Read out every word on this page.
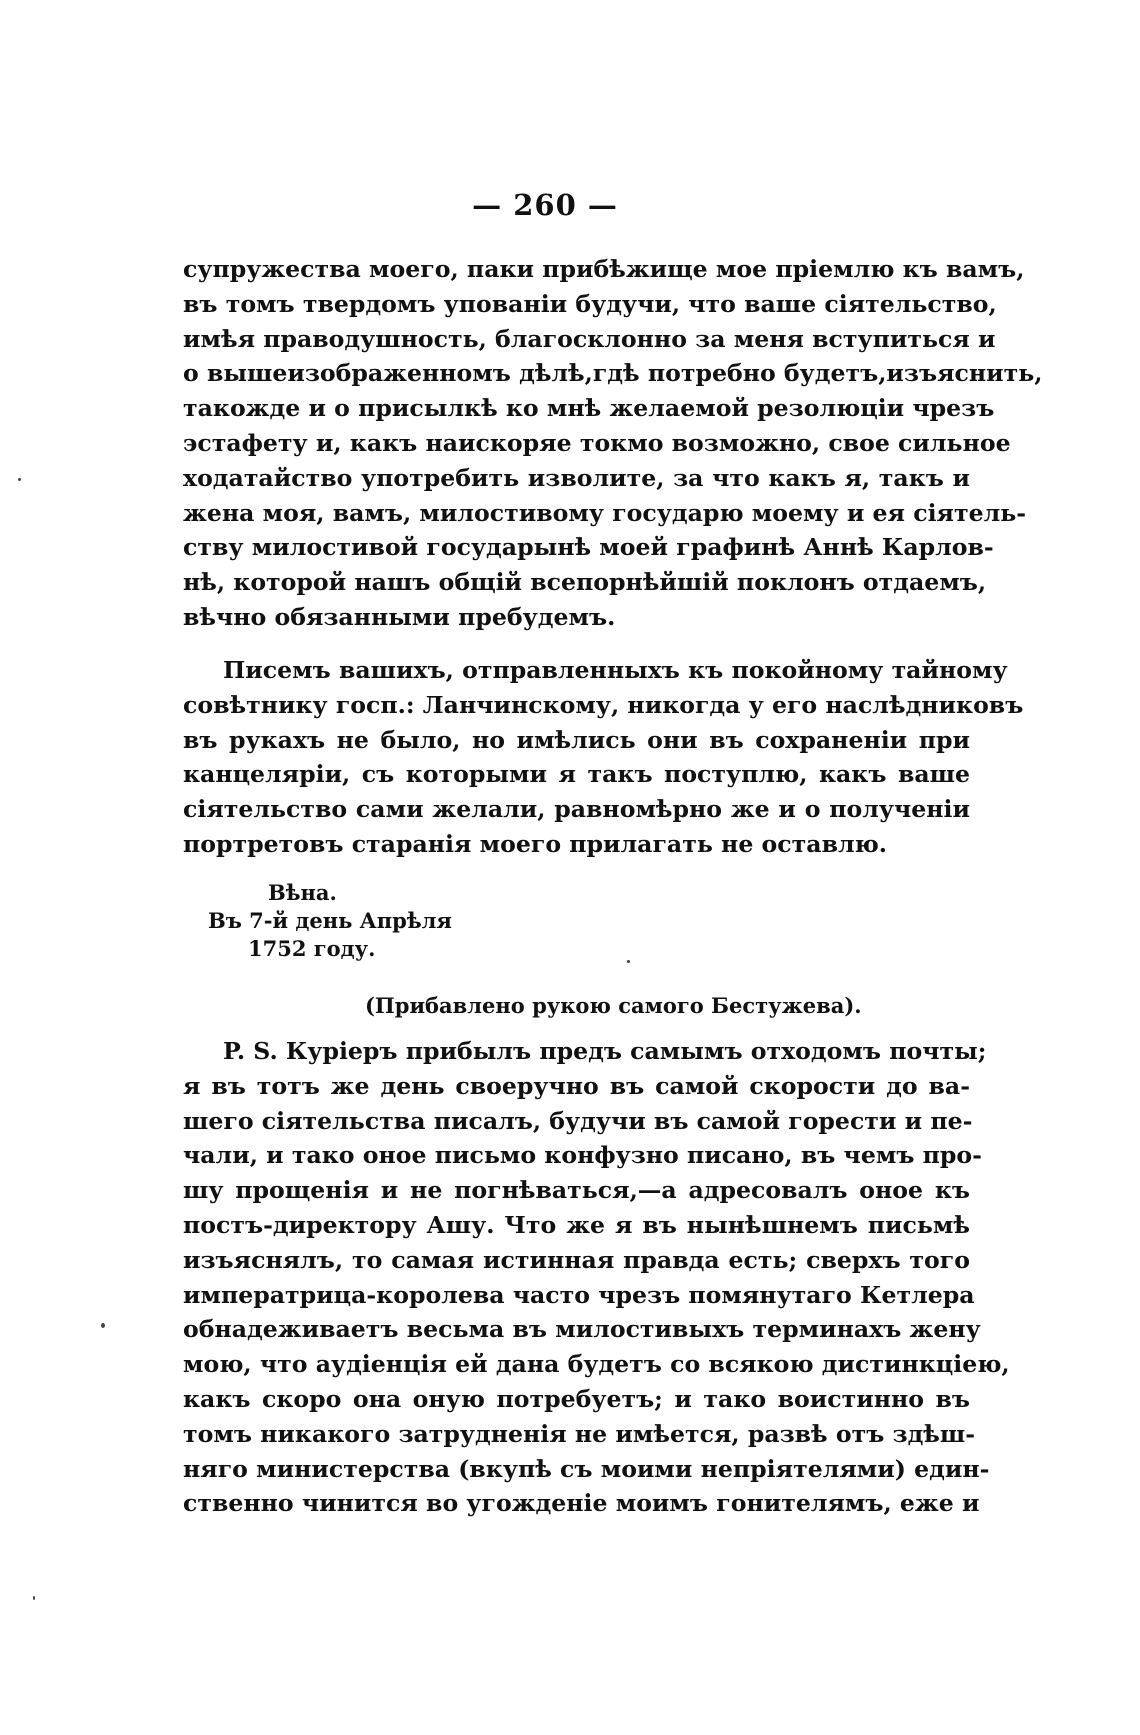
— 260 —
супружества моего, паки прибѣжище мое пріемлю къ вамъ,
въ томъ твердомъ упованіи будучи, что ваше сіятельство,
имѣя праводушность, благосклонно за меня вступиться и
о вышеизображенномъ дѣлѣ,гдѣ потребно будетъ,изъяснить,
такожде и о присылкѣ ко мнѣ желаемой резолюціи чрезъ
эстафету и, какъ наискоряе токмо возможно, свое сильное
ходатайство употребить изволите, за что какъ я, такъ и
жена моя, вамъ, милостивому государю моему и ея сіятель-
ству милостивой государынѣ моей графинѣ Аннѣ Карлов-
нѣ, которой нашъ общій всепорнѣйшій поклонъ отдаемъ,
вѣчно обязанными пребудемъ.
Писемъ вашихъ, отправленныхъ къ покойному тайному
совѣтнику госп.: Ланчинскому, никогда у его наслѣдниковъ
въ рукахъ не было, но имѣлись они въ сохраненіи при
канцеляріи, съ которыми я такъ поступлю, какъ ваше
сіятельство сами желали, равномѣрно же и о полученіи
портретовъ старанія моего прилагать не оставлю.
Вѣна.
Въ 7-й день Апрѣля
1752 году.
(Прибавлено рукою самого Бестужева).
P. S. Куріеръ прибылъ предъ самымъ отходомъ почты;
я въ тотъ же день своеручно въ самой скорости до ва-
шего сіятельства писалъ, будучи въ самой горести и пе-
чали, и тако оное письмо конфузно писано, въ чемъ про-
шу прощенія и не погнѣваться,—а адресовалъ оное къ
постъ-директору Ашу. Что же я въ нынѣшнемъ письмѣ
изъяснялъ, то самая истинная правда есть; сверхъ того
императрица-королева часто чрезъ помянутаго Кетлера
обнадеживаетъ весьма въ милостивыхъ терминахъ жену
мою, что аудіенція ей дана будетъ со всякою дистинкціею,
какъ скоро она оную потребуетъ; и тако воистинно въ
томъ никакого затрудненія не имѣется, развѣ отъ здѣш-
няго министерства (вкупѣ съ моими непріятелями) един-
ственно чинится во угожденіе моимъ гонителямъ, еже и
